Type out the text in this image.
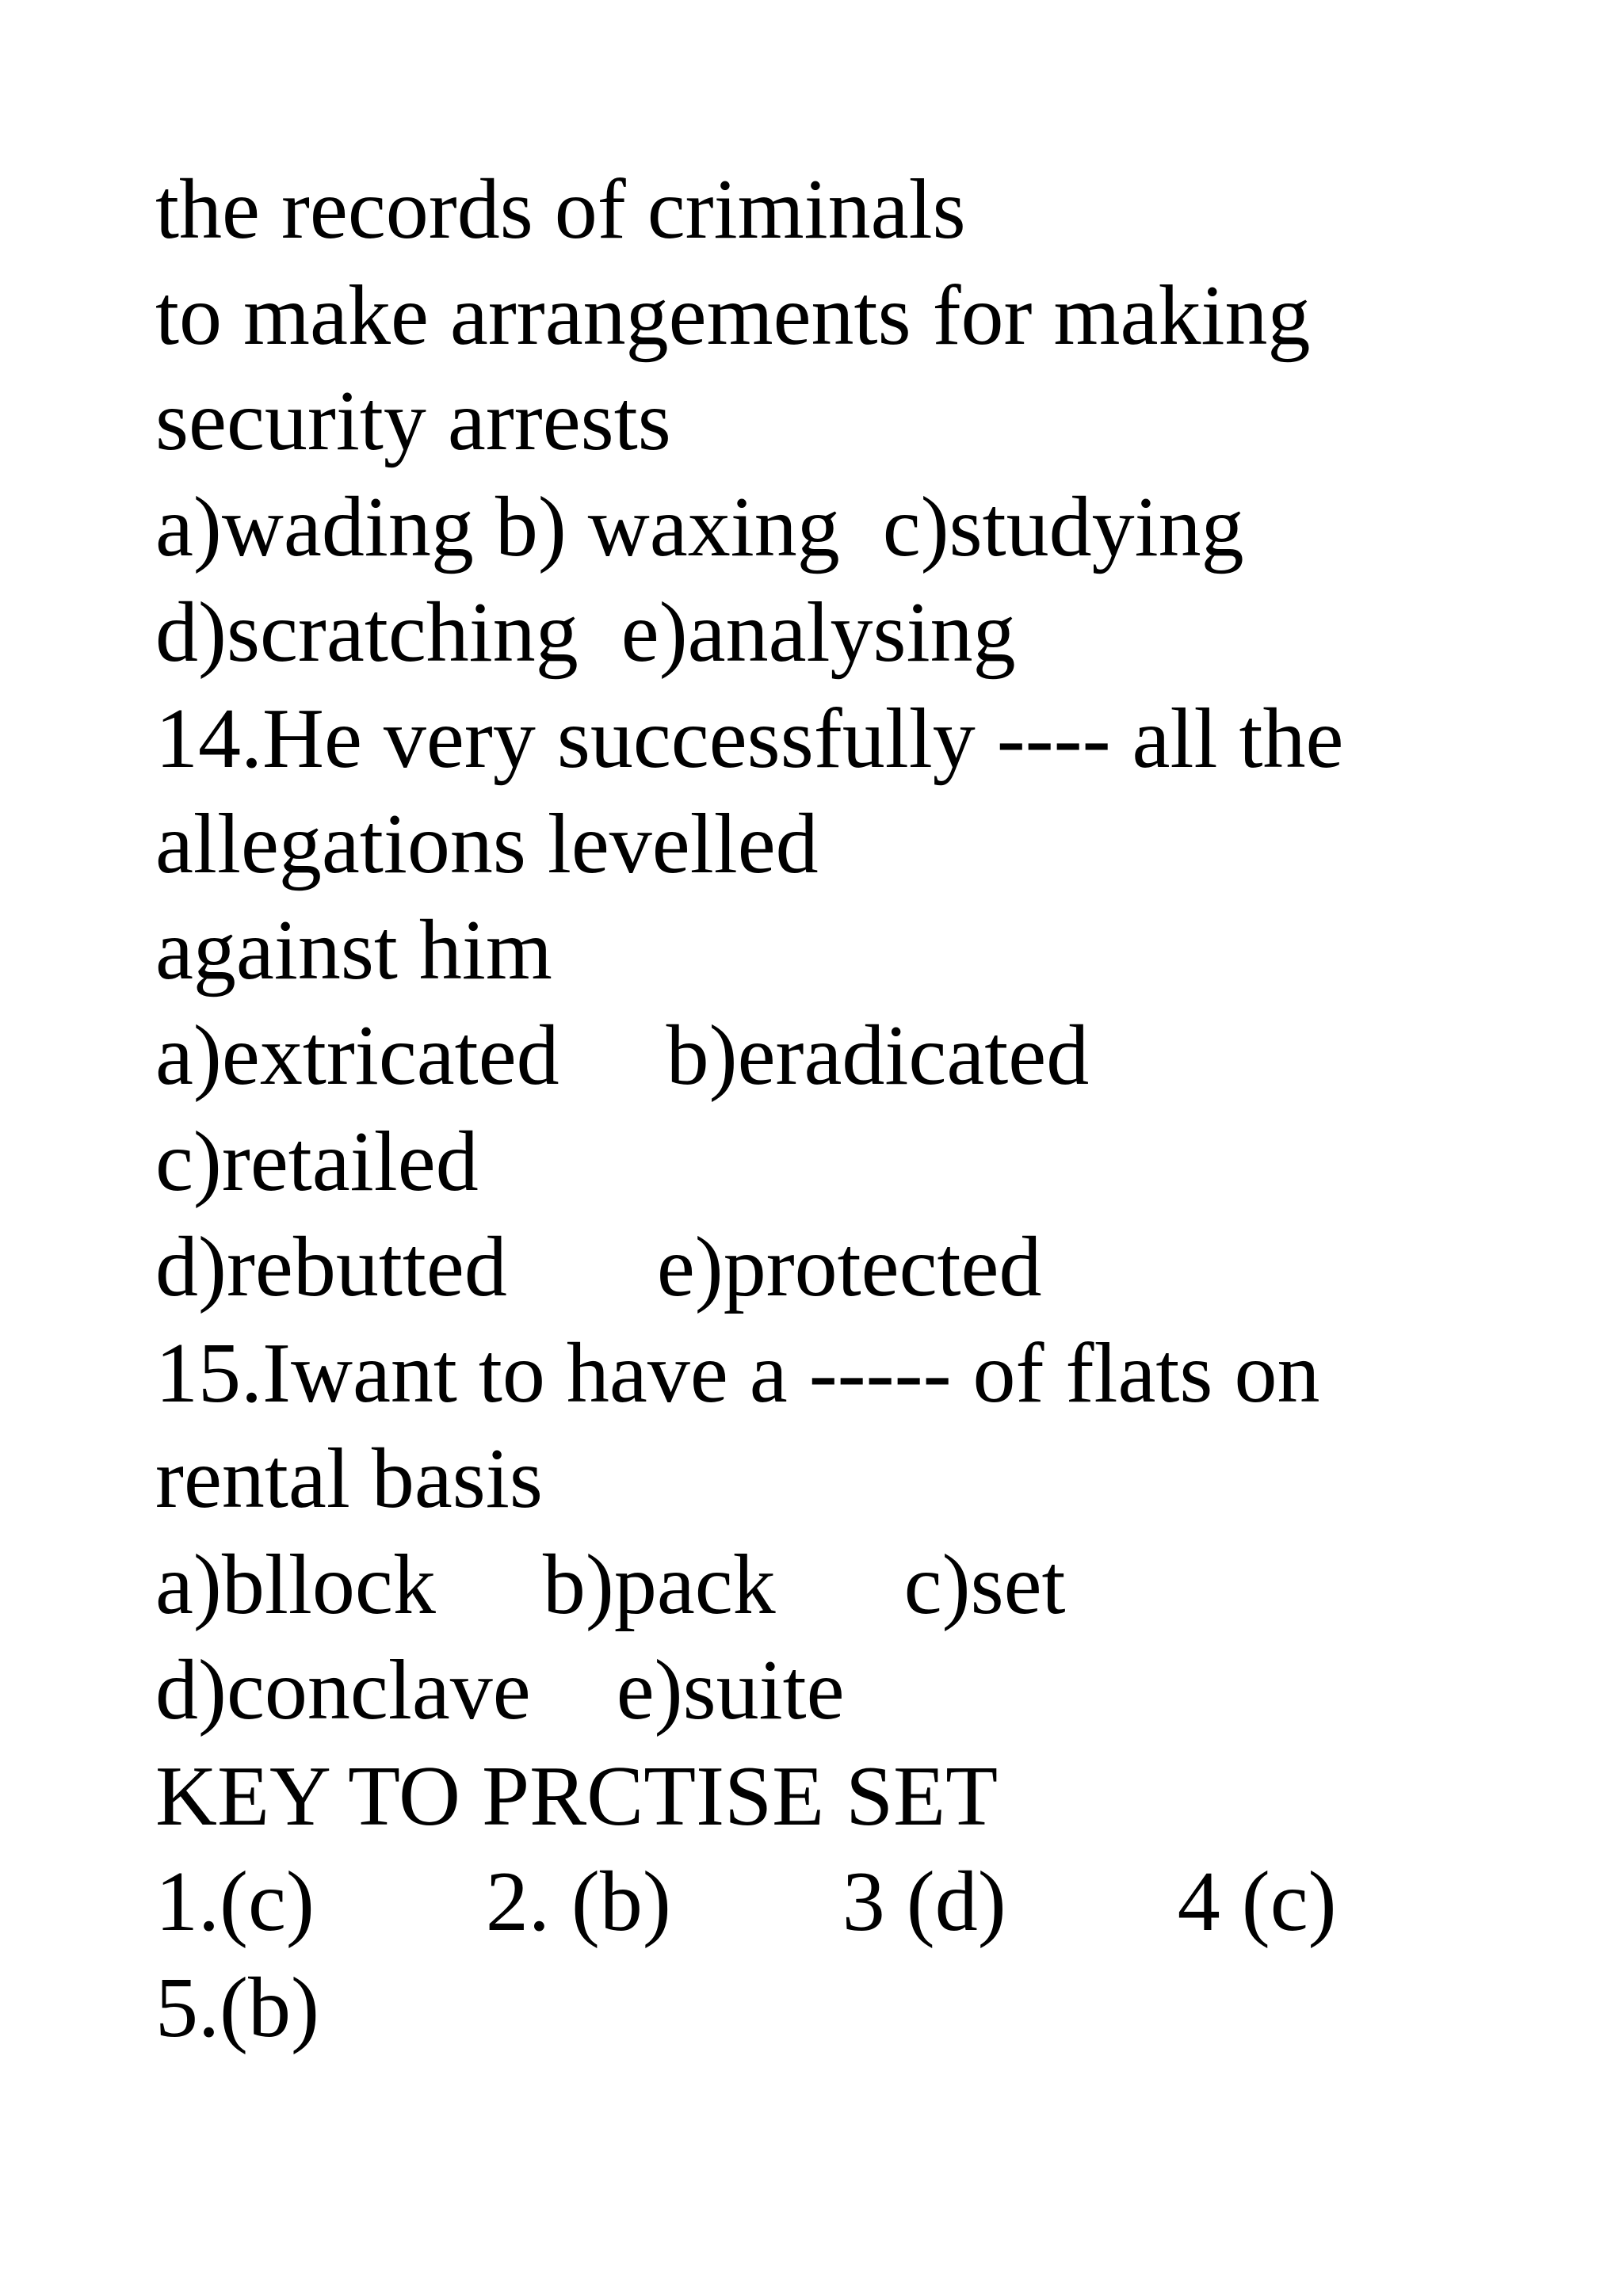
the records of criminals
to make arrangements for making
security arrests
a)wading b) waxing  c)studying
d)scratching  e)analysing
14.He very successfully ---- all the
allegations levelled
against him
a)extricated     b)eradicated
c)retailed
d)rebutted       e)protected
15.Iwant to have a ----- of flats on
rental basis
a)bllock     b)pack      c)set
d)conclave    e)suite
KEY TO PRCTISE SET
1.(c)        2. (b)        3 (d)        4 (c)
5.(b)
